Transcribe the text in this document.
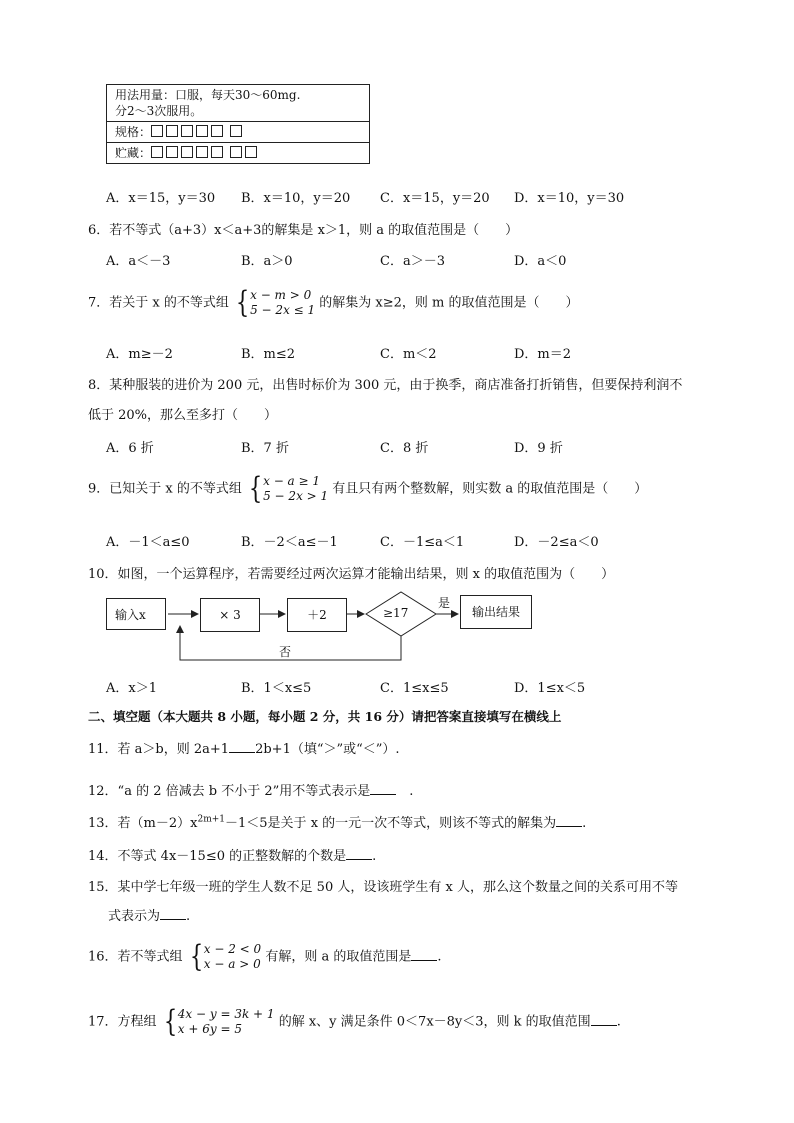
用法用量：口服，每天30～60mg.
分2～3次服用。
规格：
贮藏：
A．x＝15，y＝30 B．x＝10，y＝20 C．x＝15，y＝20 D．x＝10，y＝30
6．若不等式（a+3）x＜a+3的解集是 x＞1，则 a 的取值范围是（　　）
A．a＜－3	B．a＞0	C．a＞－3	D．a＜0
7．若关于 x 的不等式组 { x − m > 0
5 − 2x ≤ 1 的解集为 x≥2，则 m 的取值范围是（　　）
A．m≥－2	B．m≤2	C．m＜2	D．m＝2
8．某种服装的进价为 200 元，出售时标价为 300 元，由于换季，商店准备打折销售，但要保持利润不
低于 20%，那么至多打（　　）
A．6 折	B．7 折	C．8 折	D．9 折
9．已知关于 x 的不等式组 { x − a ≥ 1
5 − 2x > 1 有且只有两个整数解，则实数 a 的取值范围是（　　）
A．－1＜a≤0	B．－2＜a≤－1	C．－1≤a＜1	D．－2≤a＜0
10．如图，一个运算程序，若需要经过两次运算才能输出结果，则 x 的取值范围为（　　）
输入x	× 3	＋2	≥17
是
输出结果
否
A．x＞1	B．1＜x≤5	C．1≤x≤5	D．1≤x＜5
二、填空题（本大题共 8 小题，每小题 2 分，共 16 分）请把答案直接填写在横线上
11．若 a＞b，则 2a+1 2b+1（填“＞”或“＜”）.
12．“a 的 2 倍减去 b 不小于 2”用不等式表示是　.
13．若$(m-2)x^{2m+1}-1<5$是关于 x 的一元一次不等式，则该不等式的解集为 .
14．不等式 4x－15≤0 的正整数解的个数是 .
15．某中学七年级一班的学生人数不足 50 人，设该班学生有 x 人，那么这个数量之间的关系可用不等
式表示为 .
16．若不等式组 { x − 2 < 0
x − a > 0 有解，则 a 的取值范围是 .
17．方程组 { 4x − y = 3k + 1
x + 6y = 5	的解 x、y 满足条件 0＜7x－8y＜3，则 k 的取值范围 .
